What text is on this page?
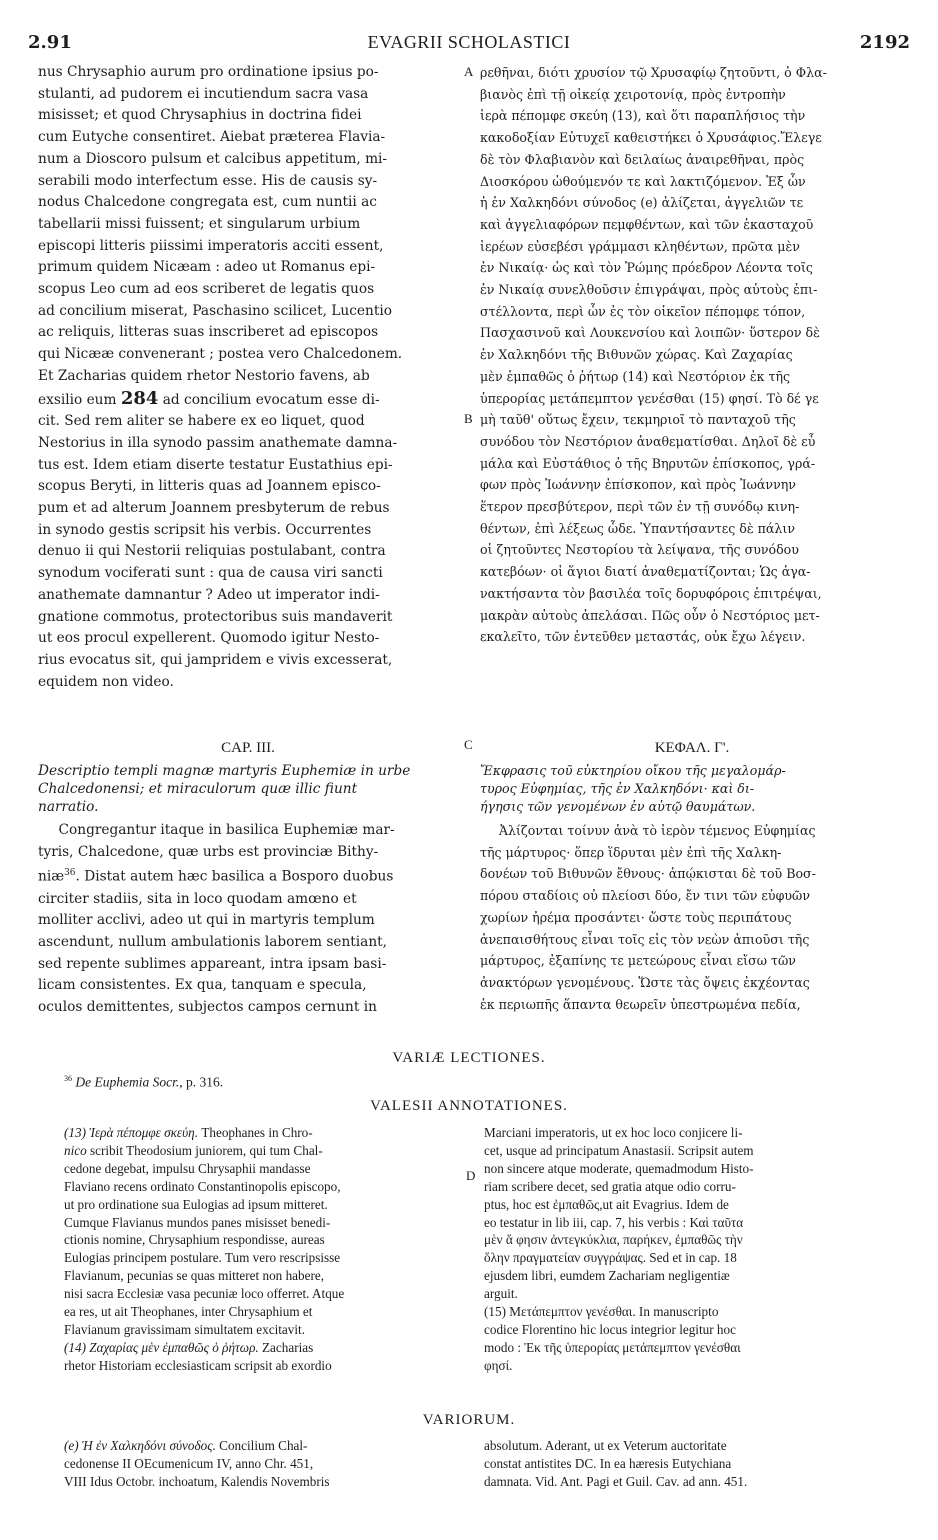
2.91	EVAGRII SCHOLASTICI	2192
A
B
C
D

nus Chrysaphio aurum pro ordinatione ipsius po-

stulanti, ad pudorem ei incutiendum sacra vasa

misisset; et quod Chrysaphius in doctrina fidei

cum Eutyche consentiret. Aiebat præterea Flavia-

num a Dioscoro pulsum et calcibus appetitum, mi-

serabili modo interfectum esse. His de causis sy-

nodus Chalcedone congregata est, cum nuntii ac

tabellarii missi fuissent; et singularum urbium

episcopi litteris piissimi imperatoris acciti essent,

primum quidem Nicæam : adeo ut Romanus epi-

scopus Leo cum ad eos scriberet de legatis quos

ad concilium miserat, Paschasino scilicet, Lucentio

ac reliquis, litteras suas inscriberet ad episcopos

qui Nicææ convenerant ; postea vero Chalcedonem.

Et Zacharias quidem rhetor Nestorio favens, ab

exsilio eum 284 ad concilium evocatum esse di-

cit. Sed rem aliter se habere ex eo liquet, quod

Nestorius in illa synodo passim anathemate damna-

tus est. Idem etiam diserte testatur Eustathius epi-

scopus Beryti, in litteris quas ad Joannem episco-

pum et ad alterum Joannem presbyterum de rebus

in synodo gestis scripsit his verbis. Occurrentes

denuo ii qui Nestorii reliquias postulabant, contra

synodum vociferati sunt : qua de causa viri sancti

anathemate damnantur ? Adeo ut imperator indi-

gnatione commotus, protectoribus suis mandaverit

ut eos procul expellerent. Quomodo igitur Nesto-

rius evocatus sit, qui jampridem e vivis excesserat,

equidem non video.

ρεθῆναι, διότι χρυσίον τῷ Χρυσαφίῳ ζητοῦντι, ὁ Φλα-

βιανὸς ἐπὶ τῇ οἰκείᾳ χειροτονίᾳ, πρὸς ἐντροπὴν

ἱερὰ πέπομφε σκεύη (13), καὶ ὅτι παραπλήσιος τὴν

κακοδοξίαν Εὐτυχεῖ καθειστήκει ὁ Χρυσάφιος.Ἔλεγε

δὲ τὸν Φλαβιανὸν καὶ δειλαίως ἀναιρεθῆναι, πρὸς

Διοσκόρου ὠθούμενόν τε καὶ λακτιζόμενον. Ἐξ ὧν

ἡ ἐν Χαλκηδόνι σύνοδος (e) ἀλίζεται, ἀγγελιῶν τε

καὶ ἀγγελιαφόρων πεμφθέντων, καὶ τῶν ἑκασταχοῦ

ἱερέων εὐσεβέσι γράμμασι κληθέντων, πρῶτα μὲν

ἐν Νικαίᾳ· ὡς καὶ τὸν Ῥώμης πρόεδρον Λέοντα τοῖς

ἐν Νικαίᾳ συνελθοῦσιν ἐπιγράψαι, πρὸς αὐτοὺς ἐπι-

στέλλοντα, περὶ ὧν ἐς τὸν οἰκεῖον πέπομφε τόπον,

Πασχασινοῦ καὶ Λουκενσίου καὶ λοιπῶν· ὕστερον δὲ

ἐν Χαλκηδόνι τῆς Βιθυνῶν χώρας. Καὶ Ζαχαρίας

μὲν ἐμπαθῶς ὁ ῥήτωρ (14) καὶ Νεστόριον ἐκ τῆς

ὑπερορίας μετάπεμπτον γενέσθαι (15) φησί. Τὸ δέ γε

μὴ ταῦθ' οὕτως ἔχειν, τεκμηριοῖ τὸ πανταχοῦ τῆς

συνόδου τὸν Νεστόριον ἀναθεματίσθαι. Δηλοῖ δὲ εὖ

μάλα καὶ Εὐστάθιος ὁ τῆς Βηρυτῶν ἐπίσκοπος, γρά-

φων πρὸς Ἰωάννην ἐπίσκοπον, καὶ πρὸς Ἰωάννην

ἕτερον πρεσβύτερον, περὶ τῶν ἐν τῇ συνόδῳ κινη-

θέντων, ἐπὶ λέξεως ὧδε. Ὑπαντήσαντες δὲ πάλιν

οἱ ζητοῦντες Νεστορίου τὰ λείψανα, τῆς συνόδου

κατεβόων· οἱ ἅγιοι διατί ἀναθεματίζονται; Ὡς ἀγα-

νακτήσαντα τὸν βασιλέα τοῖς δορυφόροις ἐπιτρέψαι,

μακρὰν αὐτοὺς ἀπελάσαι. Πῶς οὖν ὁ Νεστόριος μετ-

εκαλεῖτο, τῶν ἐντεῦθεν μεταστάς, οὐκ ἔχω λέγειν.

CAP. III.	ΚΕΦΑΛ. Γ'.

Descriptio templi magnæ martyris Euphemiæ in urbe

Chalcedonensi; et miraculorum quæ illic fiunt

narratio.

Ἔκφρασις τοῦ εὐκτηρίου οἴκου τῆς μεγαλομάρ-

τυρος Εὐφημίας, τῆς ἐν Χαλκηδόνι· καὶ δι-

ήγησις τῶν γενομένων ἐν αὐτῷ θαυμάτων.

Congregantur itaque in basilica Euphemiæ mar-

tyris, Chalcedone, quæ urbs est provinciæ Bithy-

niæ$^{36}$. Distat autem hæc basilica a Bosporo duobus

circiter stadiis, sita in loco quodam amœno et

molliter acclivi, adeo ut qui in martyris templum

ascendunt, nullum ambulationis laborem sentiant,

sed repente sublimes appareant, intra ipsam basi-

licam consistentes. Ex qua, tanquam e specula,

oculos demittentes, subjectos campos cernunt in

Ἀλίζονται τοίνυν ἀνὰ τὸ ἱερὸν τέμενος Εὐφημίας

τῆς μάρτυρος· ὅπερ ἵδρυται μὲν ἐπὶ τῆς Χαλκη-

δονέων τοῦ Βιθυνῶν ἔθνους· ἀπῴκισται δὲ τοῦ Βοσ-

πόρου σταδίοις οὐ πλείοσι δύο, ἔν τινι τῶν εὐφυῶν

χωρίων ἠρέμα προσάντει· ὥστε τοὺς περιπάτους

ἀνεπαισθήτους εἶναι τοῖς εἰς τὸν νεὼν ἀπιοῦσι τῆς

μάρτυρος, ἐξαπίνης τε μετεώρους εἶναι εἴσω τῶν

ἀνακτόρων γενομένους. Ὥστε τὰς ὄψεις ἐκχέοντας

ἐκ περιωπῆς ἅπαντα θεωρεῖν ὑπεστρωμένα πεδία,

VARIÆ LECTIONES.
$^{36}$ De Euphemia Socr., p. 316.
VALESII ANNOTATIONES.
(13) Ἱερὰ πέπομφε σκεύη. Theophanes in Chro-
nico scribit Theodosium juniorem, qui tum Chal-
cedone degebat, impulsu Chrysaphii mandasse
Flaviano recens ordinato Constantinopolis episcopo,
ut pro ordinatione sua Eulogias ad ipsum mitteret.
Cumque Flavianus mundos panes misisset benedi-
ctionis nomine, Chrysaphium respondisse, aureas
Eulogias principem postulare. Tum vero rescripsisse
Flavianum, pecunias se quas mitteret non habere,
nisi sacra Ecclesiæ vasa pecuniæ loco offerret. Atque
ea res, ut ait Theophanes, inter Chrysaphium et
Flavianum gravissimam simultatem excitavit.
(14) Ζαχαρίας μὲν ἐμπαθῶς ὁ ῥήτωρ. Zacharias
rhetor Historiam ecclesiasticam scripsit ab exordio

Marciani imperatoris, ut ex hoc loco conjicere li-

cet, usque ad principatum Anastasii. Scripsit autem

non sincere atque moderate, quemadmodum Histo-

riam scribere decet, sed gratia atque odio corru-

ptus, hoc est ἐμπαθῶς,ut ait Evagrius. Idem de

eo testatur in lib iii, cap. 7, his verbis : Καὶ ταῦτα

μὲν ἅ φησιν ἀντεγκύκλια, παρήκεν, ἐμπαθῶς τὴν

ὅλην πραγματείαν συγγράψας. Sed et in cap. 18

ejusdem libri, eumdem Zachariam negligentiæ

arguit.

(15) Μετάπεμπτον γενέσθαι. In manuscripto

codice Florentino hic locus integrior legitur hoc

modo : Ἐκ τῆς ὑπερορίας μετάπεμπτον γενέσθαι

φησί.

VARIORUM.
(e) Ἡ ἐν Χαλκηδόνι σύνοδος. Concilium Chal-

cedonense II OEcumenicum IV, anno Chr. 451,

VIII Idus Octobr. inchoatum, Kalendis Novembris

absolutum. Aderant, ut ex Veterum auctoritate

constat antistites DC. In ea hæresis Eutychiana

damnata. Vid. Ant. Pagi et Guil. Cav. ad ann. 451.
